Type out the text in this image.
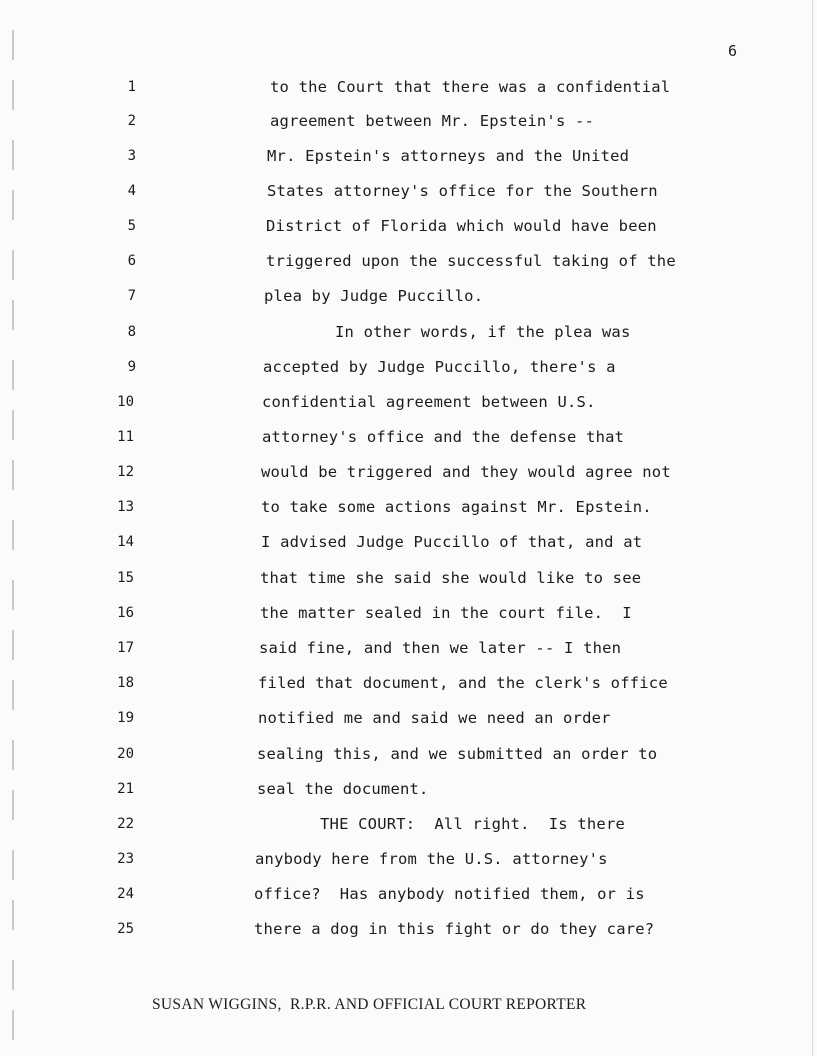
6
1
2
3
4
5
6
7
8
9
10
11
12
13
14
15
16
17
18
19
20
21
22
23
24
25
to the Court that there was a confidential
agreement between Mr. Epstein's --
Mr. Epstein's attorneys and the United
States attorney's office for the Southern
District of Florida which would have been
triggered upon the successful taking of the
plea by Judge Puccillo.
In other words, if the plea was
accepted by Judge Puccillo, there's a
confidential agreement between U.S.
attorney's office and the defense that
would be triggered and they would agree not
to take some actions against Mr. Epstein.
I advised Judge Puccillo of that, and at
that time she said she would like to see
the matter sealed in the court file.  I
said fine, and then we later -- I then
filed that document, and the clerk's office
notified me and said we need an order
sealing this, and we submitted an order to
seal the document.
THE COURT:  All right.  Is there
anybody here from the U.S. attorney's
office?  Has anybody notified them, or is
there a dog in this fight or do they care?
SUSAN WIGGINS,  R.P.R. AND OFFICIAL COURT REPORTER
